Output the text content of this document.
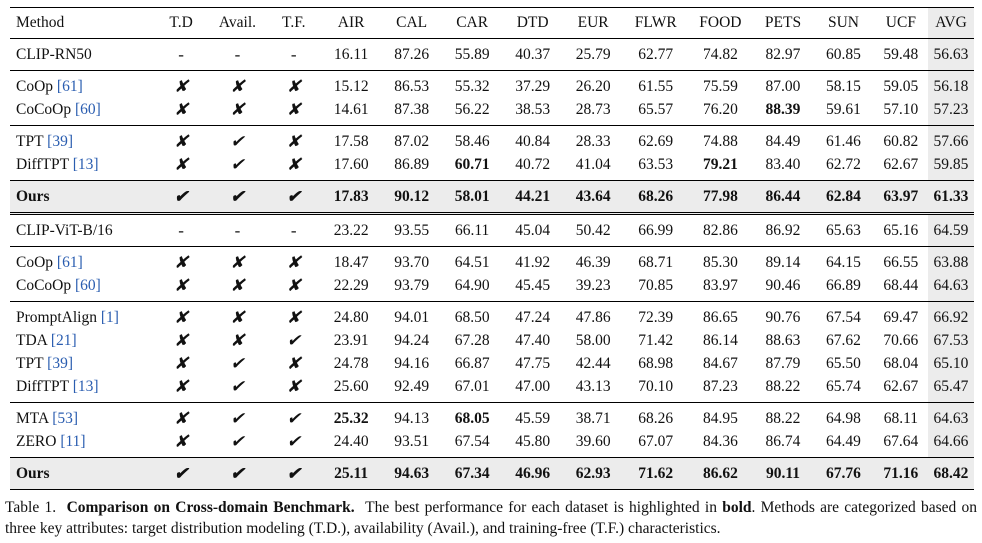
Method	T.D	Avail.	T.F.	AIR	CAL	CAR	DTD	EUR	FLWR	FOOD	PETS	SUN	UCF	AVG
CLIP-RN50	-	-	-	16.11	87.26	55.89	40.37	25.79	62.77	74.82	82.97	60.85	59.48	56.63
CoOp [61]	✘	✘	✘	15.12	86.53	55.32	37.29	26.20	61.55	75.59	87.00	58.15	59.05	56.18
CoCoOp [60]	✘	✘	✘	14.61	87.38	56.22	38.53	28.73	65.57	76.20	88.39	59.61	57.10	57.23
TPT [39]	✘	✔	✘	17.58	87.02	58.46	40.84	28.33	62.69	74.88	84.49	61.46	60.82	57.66
DiffTPT [13]	✘	✔	✘	17.60	86.89	60.71	40.72	41.04	63.53	79.21	83.40	62.72	62.67	59.85
Ours	✔	✔	✔	17.83	90.12	58.01	44.21	43.64	68.26	77.98	86.44	62.84	63.97	61.33
CLIP-ViT-B/16	-	-	-	23.22	93.55	66.11	45.04	50.42	66.99	82.86	86.92	65.63	65.16	64.59
CoOp [61]	✘	✘	✘	18.47	93.70	64.51	41.92	46.39	68.71	85.30	89.14	64.15	66.55	63.88
CoCoOp [60]	✘	✘	✘	22.29	93.79	64.90	45.45	39.23	70.85	83.97	90.46	66.89	68.44	64.63
PromptAlign [1]	✘	✘	✘	24.80	94.01	68.50	47.24	47.86	72.39	86.65	90.76	67.54	69.47	66.92
TDA [21]	✘	✘	✔	23.91	94.24	67.28	47.40	58.00	71.42	86.14	88.63	67.62	70.66	67.53
TPT [39]	✘	✔	✘	24.78	94.16	66.87	47.75	42.44	68.98	84.67	87.79	65.50	68.04	65.10
DiffTPT [13]	✘	✔	✘	25.60	92.49	67.01	47.00	43.13	70.10	87.23	88.22	65.74	62.67	65.47
MTA [53]	✘	✔	✔	25.32	94.13	68.05	45.59	38.71	68.26	84.95	88.22	64.98	68.11	64.63
ZERO [11]	✘	✔	✔	24.40	93.51	67.54	45.80	39.60	67.07	84.36	86.74	64.49	67.64	64.66
Ours	✔	✔	✔	25.11	94.63	67.34	46.96	62.93	71.62	86.62	90.11	67.76	71.16	68.42
Table 1. Comparison on Cross-domain Benchmark. The best performance for each dataset is highlighted in bold. Methods are categorized based on three key attributes: target distribution modeling (T.D.), availability (Avail.), and training-free (T.F.) characteristics.
